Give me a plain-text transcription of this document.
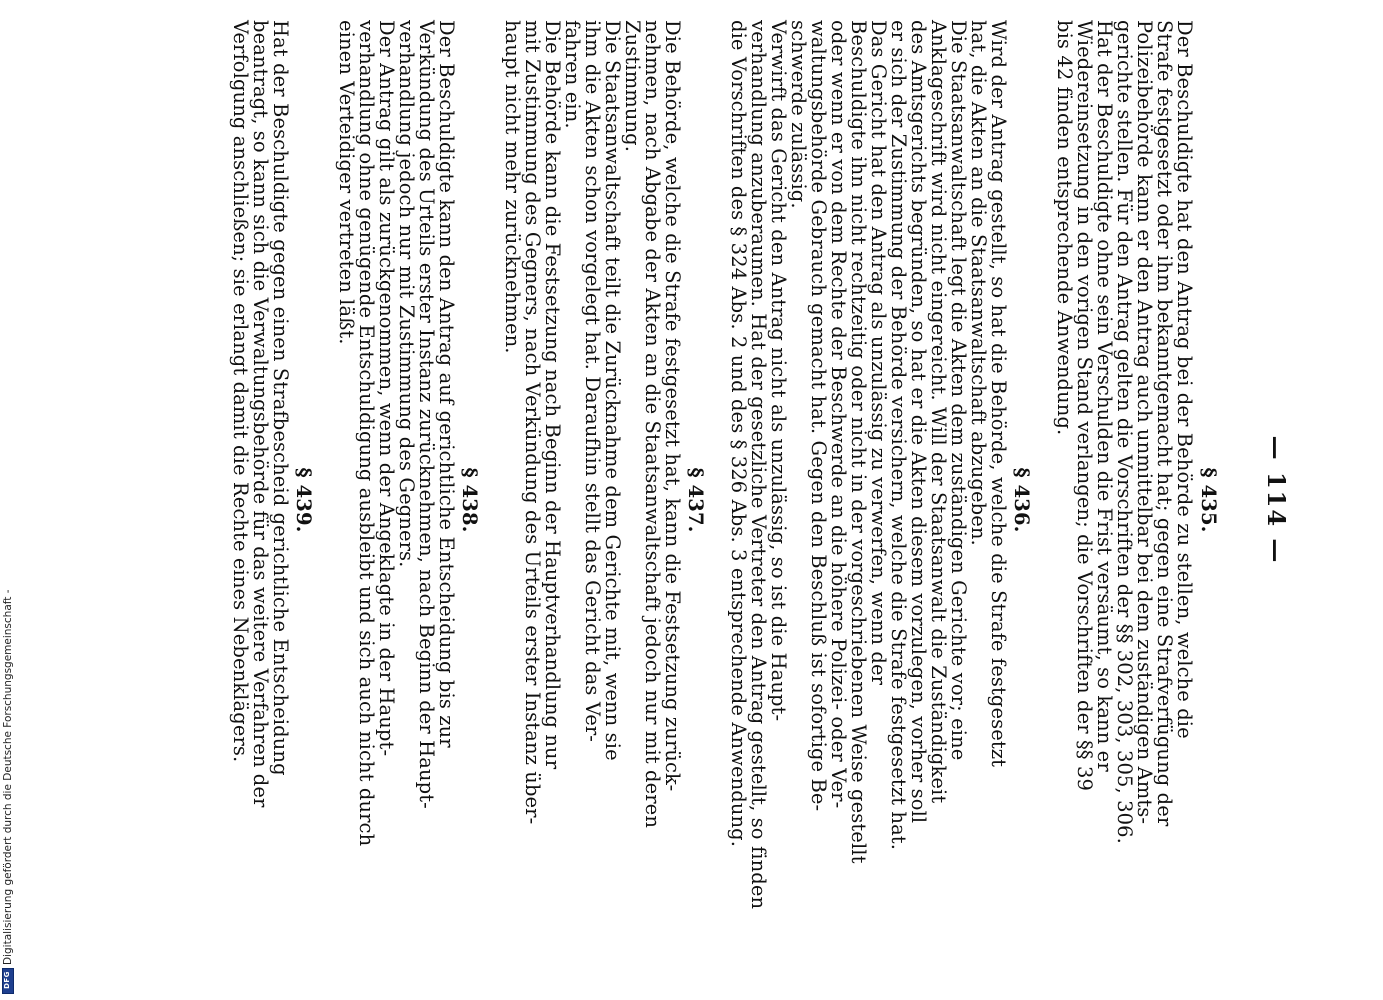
— 114 —
§ 435.
Der Beschuldigte hat den Antrag bei der Behörde zu stellen, welche die
Strafe festgesetzt oder ihm bekanntgemacht hat; gegen eine Strafverfügung der
Polizeibehörde kann er den Antrag auch unmittelbar bei dem zuständigen Amts-
gerichte stellen. Für den Antrag gelten die Vorschriften der §§ 302, 303, 305, 306.
Hat der Beschuldigte ohne sein Verschulden die Frist versäumt, so kann er
Wiedereinsetzung in den vorigen Stand verlangen; die Vorschriften der §§ 39
bis 42 finden entsprechende Anwendung.
§ 436.
Wird der Antrag gestellt, so hat die Behörde, welche die Strafe festgesetzt
hat, die Akten an die Staatsanwaltschaft abzugeben.
Die Staatsanwaltschaft legt die Akten dem zuständigen Gerichte vor; eine
Anklageschrift wird nicht eingereicht. Will der Staatsanwalt die Zuständigkeit
des Amtsgerichts begründen, so hat er die Akten diesem vorzulegen, vorher soll
er sich der Zustimmung der Behörde versichern, welche die Strafe festgesetzt hat.
Das Gericht hat den Antrag als unzulässig zu verwerfen, wenn der
Beschuldigte ihn nicht rechtzeitig oder nicht in der vorgeschriebenen Weise gestellt
oder wenn er von dem Rechte der Beschwerde an die höhere Polizei- oder Ver-
waltungsbehörde Gebrauch gemacht hat. Gegen den Beschluß ist sofortige Be-
schwerde zulässig.
Verwirft das Gericht den Antrag nicht als unzulässig, so ist die Haupt-
verhandlung anzuberaumen. Hat der gesetzliche Vertreter den Antrag gestellt, so finden
die Vorschriften des § 324 Abs. 2 und des § 326 Abs. 3 entsprechende Anwendung.
§ 437.
Die Behörde, welche die Strafe festgesetzt hat, kann die Festsetzung zurück-
nehmen, nach Abgabe der Akten an die Staatsanwaltschaft jedoch nur mit deren
Zustimmung.
Die Staatsanwaltschaft teilt die Zurücknahme dem Gerichte mit, wenn sie
ihm die Akten schon vorgelegt hat. Daraufhin stellt das Gericht das Ver-
fahren ein.
Die Behörde kann die Festsetzung nach Beginn der Hauptverhandlung nur
mit Zustimmung des Gegners, nach Verkündung des Urteils erster Instanz über-
haupt nicht mehr zurücknehmen.
§ 438.
Der Beschuldigte kann den Antrag auf gerichtliche Entscheidung bis zur
Verkündung des Urteils erster Instanz zurücknehmen, nach Beginn der Haupt-
verhandlung jedoch nur mit Zustimmung des Gegners.
Der Antrag gilt als zurückgenommen, wenn der Angeklagte in der Haupt-
verhandlung ohne genügende Entschuldigung ausbleibt und sich auch nicht durch
einen Verteidiger vertreten läßt.
§ 439.
Hat der Beschuldigte gegen einen Strafbescheid gerichtliche Entscheidung
beantragt, so kann sich die Verwaltungsbehörde für das weitere Verfahren der
Verfolgung anschließen; sie erlangt damit die Rechte eines Nebenklägers.
Digitalisierung gefördert durch die Deutsche Forschungsgemeinschaft -
DFG
